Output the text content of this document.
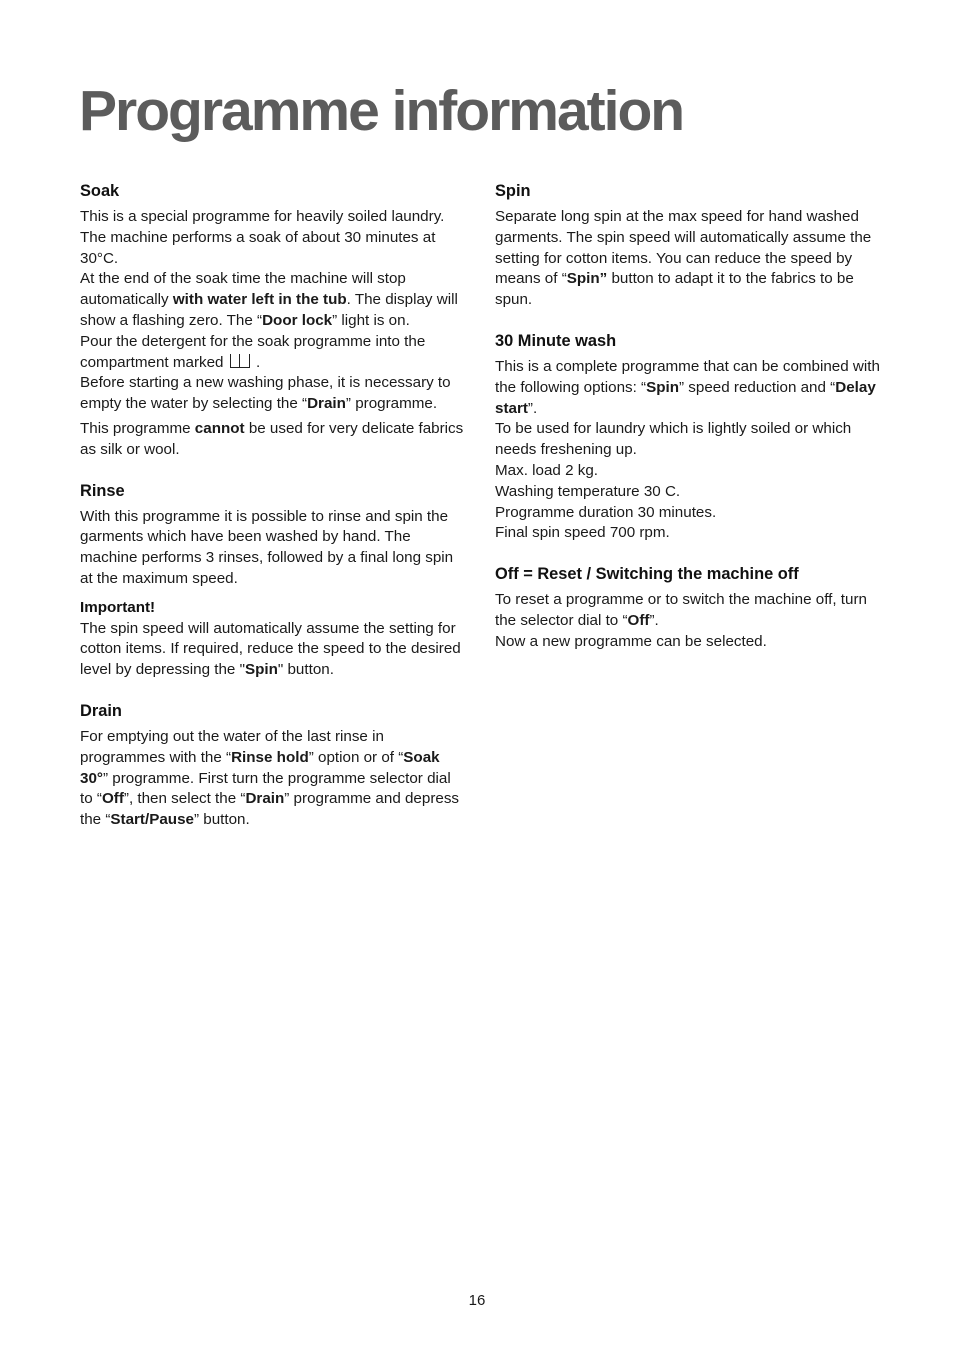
Programme information
Soak

This is a special programme for heavily soiled laundry. The machine performs a soak of about 30 minutes at 30°C.

At the end of the soak time the machine will stop automatically with water left in the tub. The display will show a flashing zero. The “Door lock” light is on.

Pour the detergent for the soak programme into the compartment marked  .

Before starting a new washing phase, it is necessary to empty the water by selecting the “Drain” programme.

This programme cannot be used for very delicate fabrics as silk or wool.

Rinse

With this programme it is possible to rinse and spin the garments which have been washed by hand. The machine performs 3 rinses, followed by a final long spin at the maximum speed.

Important!

The spin speed will automatically assume the setting for cotton items. If required, reduce the speed to the desired level by depressing the "Spin" button.

Drain

For emptying out the water of the last rinse in programmes with the “Rinse hold” option or of “Soak 30°” programme. First turn the programme selector dial to “Off”, then select the “Drain” programme and depress the “Start/Pause” button.

Spin

Separate long spin at the max speed for hand washed garments. The spin speed will automatically assume the setting for cotton items. You can reduce the speed by means of “Spin” button to adapt it to the fabrics to be spun.

30 Minute wash

This is a complete programme that can be combined with the following options: “Spin” speed reduction and “Delay start”.

To be used for laundry which is lightly soiled or which needs freshening up.

Max. load 2 kg.

Washing temperature 30 C.

Programme duration 30 minutes.

Final spin speed 700 rpm.

Off = Reset / Switching the machine off

To reset a programme or to switch the machine off, turn the selector dial to “Off”.

Now a new programme can be selected.

16
